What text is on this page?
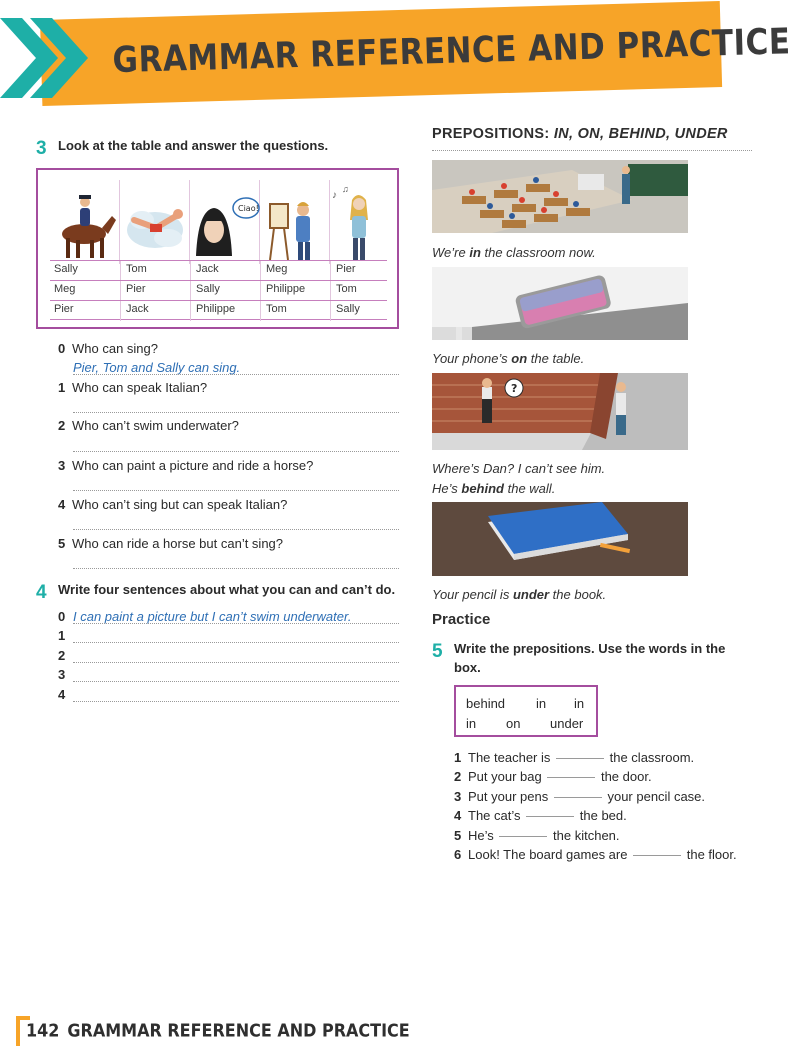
GRAMMAR REFERENCE AND PRACTICE
3 Look at the table and answer the questions.
Ciao!
♪
♫
Sally	Tom	Jack	Meg	Pier
Meg	Pier	Sally	Philippe	Tom
Pier	Jack	Philippe	Tom	Sally
0 Who can sing?
Pier, Tom and Sally can sing.
1 Who can speak Italian?
2 Who can’t swim underwater?
3 Who can paint a picture and ride a horse?
4 Who can’t sing but can speak Italian?
5 Who can ride a horse but can’t sing?
4 Write four sentences about what you can and can’t do.
0 I can paint a picture but I can’t swim underwater.
1
2
3
4
PREPOSITIONS: IN, ON, BEHIND, UNDER
We’re in the classroom now.
Your phone’s on the table.
?
Where’s Dan? I can’t see him.
He’s behind the wall.
Your pencil is under the book.
Practice
5 Write the prepositions. Use the words in the
box.
behind in in
in on under
1 The teacher is	the classroom.
2 Put your bag	the door.
3 Put your pens	your pencil case.
4 The cat’s	the bed.
5 He’s	the kitchen.
6 Look! The board games are	the floor.
142 GRAMMAR REFERENCE AND PRACTICE
